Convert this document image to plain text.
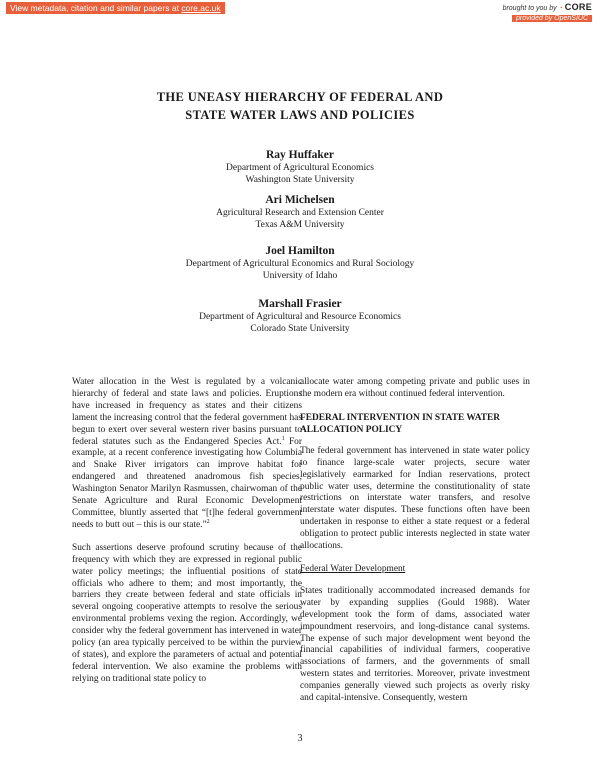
View metadata, citation and similar papers at core.ac.uk	brought to you by ◔ CORE
provided by OpenSIUC
THE UNEASY HIERARCHY OF FEDERAL AND
STATE WATER LAWS AND POLICIES
Ray Huffaker
Department of Agricultural Economics
Washington State University
Ari Michelsen
Agricultural Research and Extension Center
Texas A&M University
Joel Hamilton
Department of Agricultural Economics and Rural Sociology
University of Idaho
Marshall Frasier
Department of Agricultural and Resource Economics
Colorado State University

Water allocation in the West is regulated by a volcanic hierarchy of federal and state laws and policies. Eruptions have increased in frequency as states and their citizens lament the increasing control that the federal government has begun to exert over several western river basins pursuant to federal statutes such as the Endangered Species Act.$^1$ For example, at a recent conference investigating how Columbia and Snake River irrigators can improve habitat for endangered and threatened anadromous fish species, Washington Senator Marilyn Rasmussen, chairwoman of the Senate Agriculture and Rural Economic Development Committee, bluntly asserted that “[t]he federal government needs to butt out – this is our state.”$^2$

Such assertions deserve profound scrutiny because of the frequency with which they are expressed in regional public water policy meetings; the influential positions of state officials who adhere to them; and most importantly, the barriers they create between federal and state officials in several ongoing cooperative attempts to resolve the serious environmental problems vexing the region. Accordingly, we consider why the federal government has intervened in water policy (an area typically perceived to be within the purview of states), and explore the parameters of actual and potential federal intervention. We also examine the problems with relying on traditional state policy to

allocate water among competing private and public uses in the modern era without continued federal intervention.

FEDERAL INTERVENTION IN STATE WATER ALLOCATION POLICY

The federal government has intervened in state water policy to finance large-scale water projects, secure water legislatively earmarked for Indian reservations, protect public water uses, determine the constitutionality of state restrictions on interstate water transfers, and resolve interstate water disputes. These functions often have been undertaken in response to either a state request or a federal obligation to protect public interests neglected in state water allocations.

Federal Water Development

States traditionally accommodated increased demands for water by expanding supplies (Gould 1988). Water development took the form of dams, associated water impoundment reservoirs, and long-distance canal systems. The expense of such major development went beyond the financial capabilities of individual farmers, cooperative associations of farmers, and the governments of small western states and territories. Moreover, private investment companies generally viewed such projects as overly risky and capital-intensive. Consequently, western

3
